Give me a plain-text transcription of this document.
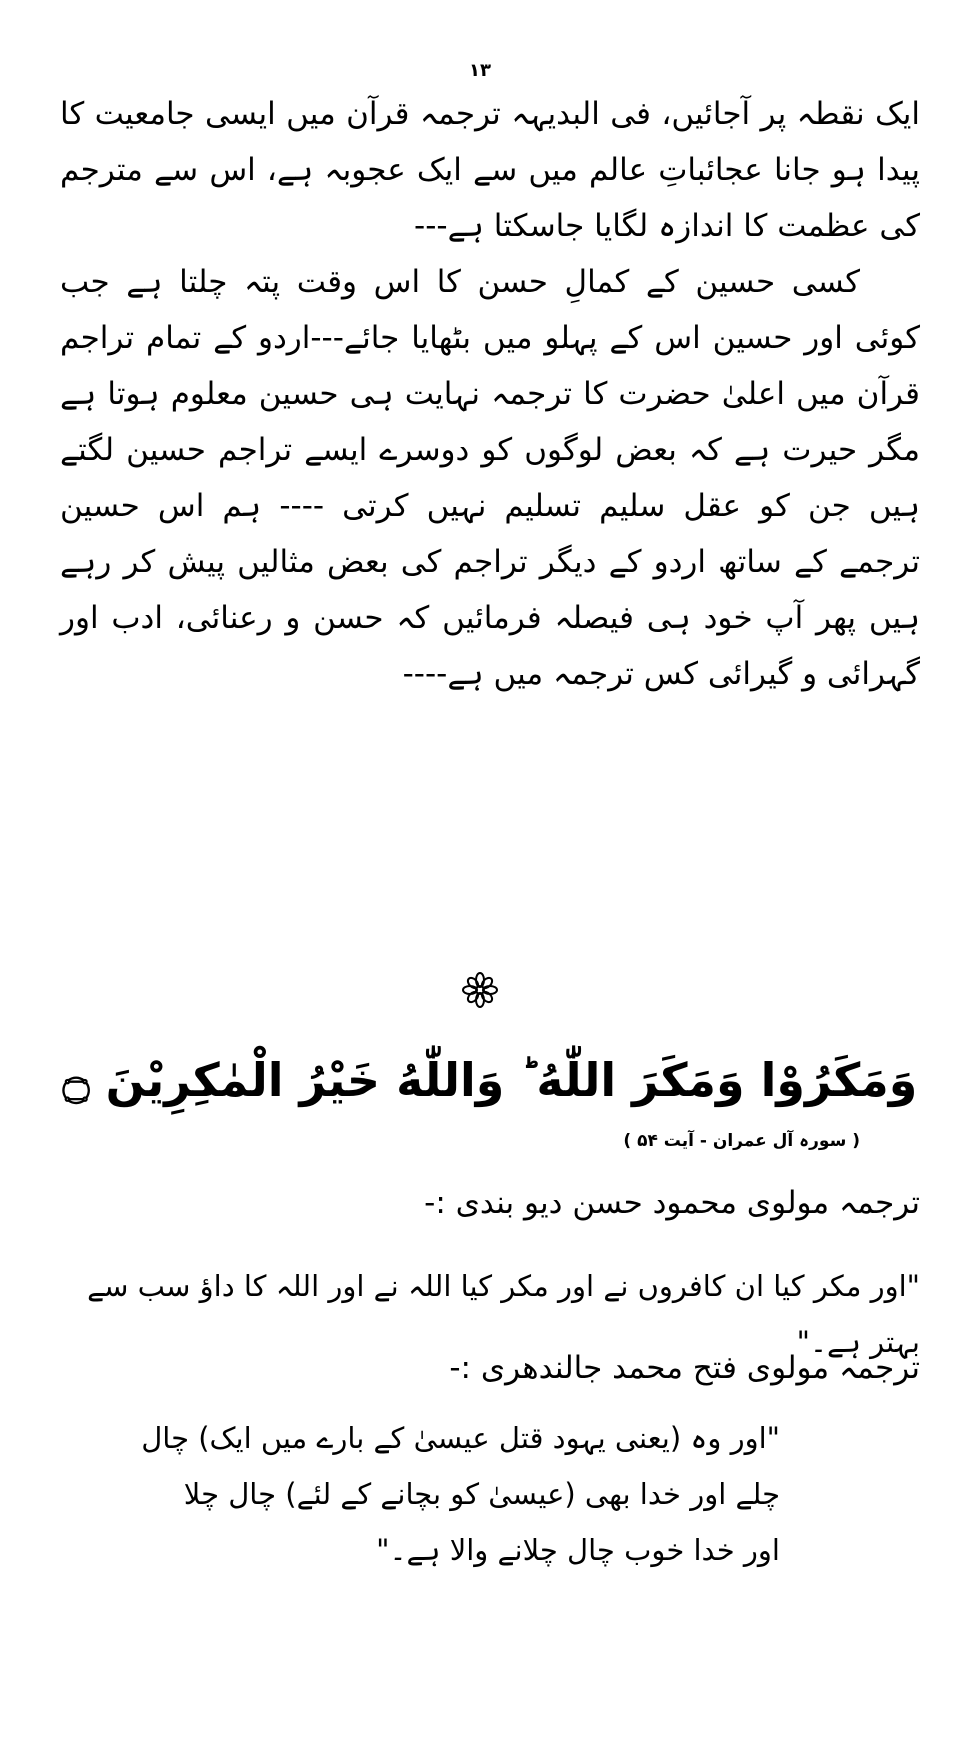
۱۳

ایک نقطہ پر آجائیں، فی البدیہہ ترجمہ قرآن میں ایسی جامعیت کا پیدا ہو جانا عجائباتِ عالم میں سے ایک عجوبہ ہے، اس سے مترجم کی عظمت کا اندازہ لگایا جاسکتا ہے---

کسی حسین کے کمالِ حسن کا اس وقت پتہ چلتا ہے جب کوئی اور حسین اس کے پہلو میں بٹھایا جائے---اردو کے تمام تراجم قرآن میں اعلیٰ حضرت کا ترجمہ نہایت ہی حسین معلوم ہوتا ہے مگر حیرت ہے کہ بعض لوگوں کو دوسرے ایسے تراجم حسین لگتے ہیں جن کو عقل سلیم تسلیم نہیں کرتی ---- ہم اس حسین ترجمے کے ساتھ اردو کے دیگر تراجم کی بعض مثالیں پیش کر رہے ہیں پھر آپ خود ہی فیصلہ فرمائیں کہ حسن و رعنائی، ادب اور گہرائی و گیرائی کس ترجمہ میں ہے----

وَمَكَرُوْا وَمَكَرَ اللّٰهُ ؕ وَاللّٰهُ خَيْرُ الْمٰكِرِيْنَ ۝
( سورہ آل عمران - آیت ۵۴ )
ترجمہ مولوی محمود حسن دیو بندی :-
"اور مکر کیا ان کافروں نے اور مکر کیا اللہ نے اور اللہ کا داؤ سب سے بہتر ہے۔"
ترجمہ مولوی فتح محمد جالندھری :-
"اور وہ (یعنی یہود قتل عیسیٰ کے بارے میں ایک) چال چلے اور خدا بھی (عیسیٰ کو بچانے کے لئے) چال چلا اور خدا خوب چال چلانے والا ہے۔"
